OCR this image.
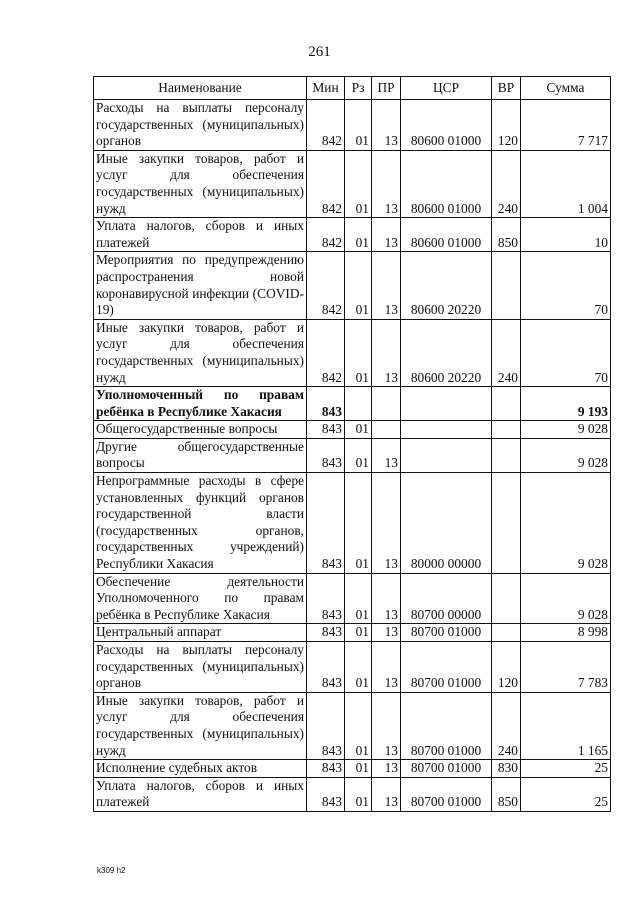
261
Наименование	Мин	Рз	ПР	ЦСР	ВР	Сумма
Расходы на выплаты персоналу государственных (муниципальных) органов	842	01	13	80600 01000	120	7 717
Иные закупки товаров, работ и услуг для обеспечения государственных (муниципальных) нужд	842	01	13	80600 01000	240	1 004
Уплата налогов, сборов и иных платежей	842	01	13	80600 01000	850	10
Мероприятия по предупреждению распространения новой коронавирусной инфекции (COVID-19)	842	01	13	80600 20220		70
Иные закупки товаров, работ и услуг для обеспечения государственных (муниципальных) нужд	842	01	13	80600 20220	240	70
Уполномоченный по правам ребёнка в Республике Хакасия	843					9 193
Общегосударственные вопросы	843	01				9 028
Другие общегосударственные вопросы	843	01	13			9 028
Непрограммные расходы в сфере установленных функций органов государственной власти (государственных органов, государственных учреждений) Республики Хакасия	843	01	13	80000 00000		9 028
Обеспечение деятельности Уполномоченного по правам ребёнка в Республике Хакасия	843	01	13	80700 00000		9 028
Центральный аппарат	843	01	13	80700 01000		8 998
Расходы на выплаты персоналу государственных (муниципальных) органов	843	01	13	80700 01000	120	7 783
Иные закупки товаров, работ и услуг для обеспечения государственных (муниципальных) нужд	843	01	13	80700 01000	240	1 165
Исполнение судебных актов	843	01	13	80700 01000	830	25
Уплата налогов, сборов и иных платежей	843	01	13	80700 01000	850	25
k309 h2
